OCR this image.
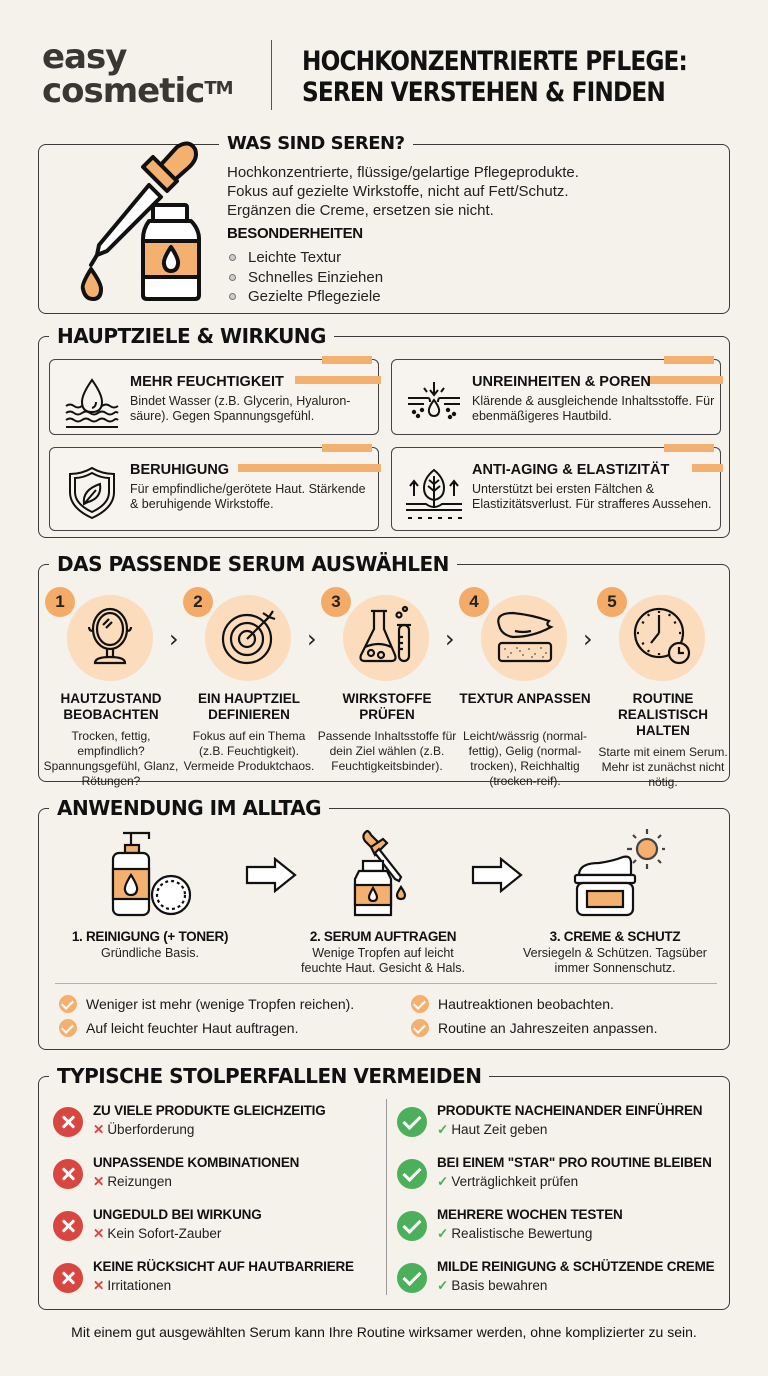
easy
cosmetic™
HOCHKONZENTRIERTE PFLEGE:
SEREN VERSTEHEN & FINDEN
WAS SIND SEREN?
Hochkonzentrierte, flüssige/gelartige Pflegeprodukte.
Fokus auf gezielte Wirkstoffe, nicht auf Fett/Schutz.
Ergänzen die Creme, ersetzen sie nicht.
BESONDERHEITEN
Leichte Textur
Schnelles Einziehen
Gezielte Pflegeziele
HAUPTZIELE & WIRKUNG
MEHR FEUCHTIGKEIT
Bindet Wasser (z.B. Glycerin, Hyaluron-säure). Gegen Spannungsgefühl.
UNREINHEITEN & POREN
Klärende & ausgleichende Inhaltsstoffe. Für ebenmäßigeres Hautbild.
BERUHIGUNG
Für empfindliche/gerötete Haut. Stärkende & beruhigende Wirkstoffe.
ANTI-AGING & ELASTIZITÄT
Unterstützt bei ersten Fältchen & Elastizitätsverlust. Für strafferes Aussehen.
DAS PASSENDE SERUM AUSWÄHLEN
1
HAUTZUSTAND BEOBACHTEN
Trocken, fettig, empfindlich? Spannungsgefühl, Glanz, Rötungen?
›
2
EIN HAUPTZIEL DEFINIEREN
Fokus auf ein Thema (z.B. Feuchtigkeit). Vermeide Produktchaos.
›
3
WIRKSTOFFE PRÜFEN
Passende Inhaltsstoffe für dein Ziel wählen (z.B. Feuchtigkeitsbinder).
›
4
TEXTUR ANPASSEN
Leicht/wässrig (normal-fettig), Gelig (normal-trocken), Reichhaltig (trocken-reif).
›
5
ROUTINE REALISTISCH HALTEN
Starte mit einem Serum. Mehr ist zunächst nicht nötig.
ANWENDUNG IM ALLTAG
1. REINIGUNG (+ TONER)
Gründliche Basis.
2. SERUM AUFTRAGEN
Wenige Tropfen auf leicht feuchte Haut. Gesicht & Hals.
3. CREME & SCHUTZ
Versiegeln & Schützen. Tagsüber immer Sonnenschutz.
Weniger ist mehr (wenige Tropfen reichen).
Auf leicht feuchter Haut auftragen.
Hautreaktionen beobachten.
Routine an Jahreszeiten anpassen.
TYPISCHE STOLPERFALLEN VERMEIDEN
ZU VIELE PRODUKTE GLEICHZEITIG
✕ Überforderung
UNPASSENDE KOMBINATIONEN
✕ Reizungen
UNGEDULD BEI WIRKUNG
✕ Kein Sofort-Zauber
KEINE RÜCKSICHT AUF HAUTBARRIERE
✕ Irritationen
PRODUKTE NACHEINANDER EINFÜHREN
✓ Haut Zeit geben
BEI EINEM "STAR" PRO ROUTINE BLEIBEN
✓ Verträglichkeit prüfen
MEHRERE WOCHEN TESTEN
✓ Realistische Bewertung
MILDE REINIGUNG & SCHÜTZENDE CREME
✓ Basis bewahren
Mit einem gut ausgewählten Serum kann Ihre Routine wirksamer werden, ohne komplizierter zu sein.
